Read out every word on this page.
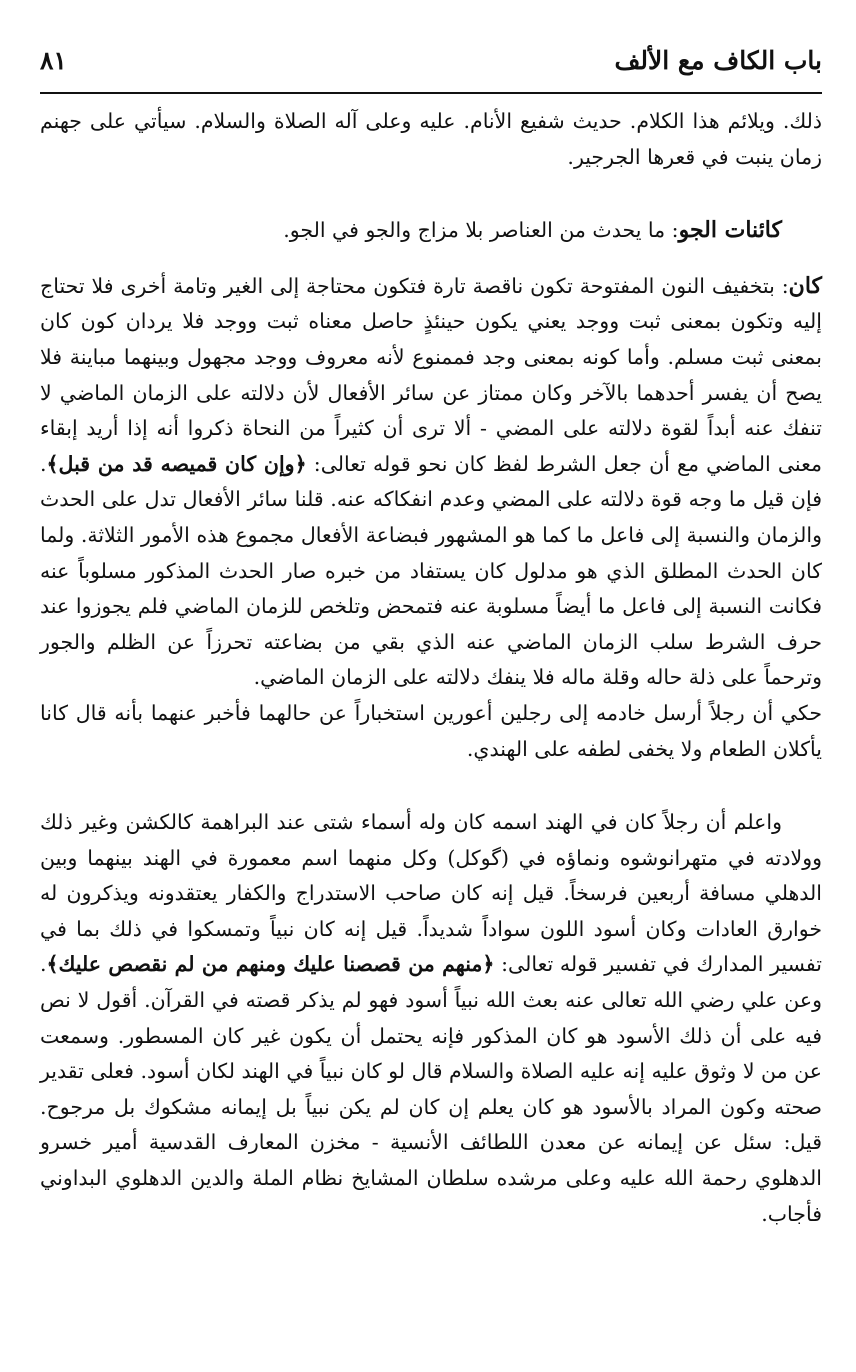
باب الكاف مع الألف
٨١

ذلك. ويلائم هذا الكلام. حديث شفيع الأنام. عليه وعلى آله الصلاة والسلام. سيأتي على جهنم زمان ينبت في قعرها الجرجير.

كائنات الجو: ما يحدث من العناصر بلا مزاج والجو في الجو.

كان: بتخفيف النون المفتوحة تكون ناقصة تارة فتكون محتاجة إلى الغير وتامة أخرى فلا تحتاج إليه وتكون بمعنى ثبت ووجد يعني يكون حينئذٍ حاصل معناه ثبت ووجد فلا يردان كون كان بمعنى ثبت مسلم. وأما كونه بمعنى وجد فممنوع لأنه معروف ووجد مجهول وبينهما مباينة فلا يصح أن يفسر أحدهما بالآخر وكان ممتاز عن سائر الأفعال لأن دلالته على الزمان الماضي لا تنفك عنه أبداً لقوة دلالته على المضي - ألا ترى أن كثيراً من النحاة ذكروا أنه إذا أريد إبقاء معنى الماضي مع أن جعل الشرط لفظ كان نحو قوله تعالى: ﴿وإن كان قميصه قد من قبل﴾. فإن قيل ما وجه قوة دلالته على المضي وعدم انفكاكه عنه. قلنا سائر الأفعال تدل على الحدث والزمان والنسبة إلى فاعل ما كما هو المشهور فبضاعة الأفعال مجموع هذه الأمور الثلاثة. ولما كان الحدث المطلق الذي هو مدلول كان يستفاد من خبره صار الحدث المذكور مسلوباً عنه فكانت النسبة إلى فاعل ما أيضاً مسلوبة عنه فتمحض وتلخص للزمان الماضي فلم يجوزوا عند حرف الشرط سلب الزمان الماضي عنه الذي بقي من بضاعته تحرزاً عن الظلم والجور وترحماً على ذلة حاله وقلة ماله فلا ينفك دلالته على الزمان الماضي.

حكي أن رجلاً أرسل خادمه إلى رجلين أعورين استخباراً عن حالهما فأخبر عنهما بأنه قال كانا يأكلان الطعام ولا يخفى لطفه على الهندي.

واعلم أن رجلاً كان في الهند اسمه كان وله أسماء شتى عند البراهمة كالكشن وغير ذلك وولادته في متهرانوشوه ونماؤه في (گوكل) وكل منهما اسم معمورة في الهند بينهما وبين الدهلي مسافة أربعين فرسخاً. قيل إنه كان صاحب الاستدراج والكفار يعتقدونه ويذكرون له خوارق العادات وكان أسود اللون سواداً شديداً. قيل إنه كان نبياً وتمسكوا في ذلك بما في تفسير المدارك في تفسير قوله تعالى: ﴿منهم من قصصنا عليك ومنهم من لم نقصص عليك﴾. وعن علي رضي الله تعالى عنه بعث الله نبياً أسود فهو لم يذكر قصته في القرآن. أقول لا نص فيه على أن ذلك الأسود هو كان المذكور فإنه يحتمل أن يكون غير كان المسطور. وسمعت عن من لا وثوق عليه إنه عليه الصلاة والسلام قال لو كان نبياً في الهند لكان أسود. فعلى تقدير صحته وكون المراد بالأسود هو كان يعلم إن كان لم يكن نبياً بل إيمانه مشكوك بل مرجوح. قيل: سئل عن إيمانه عن معدن اللطائف الأنسية - مخزن المعارف القدسية أمير خسرو الدهلوي رحمة الله عليه وعلى مرشده سلطان المشايخ نظام الملة والدين الدهلوي البداوني فأجاب.
